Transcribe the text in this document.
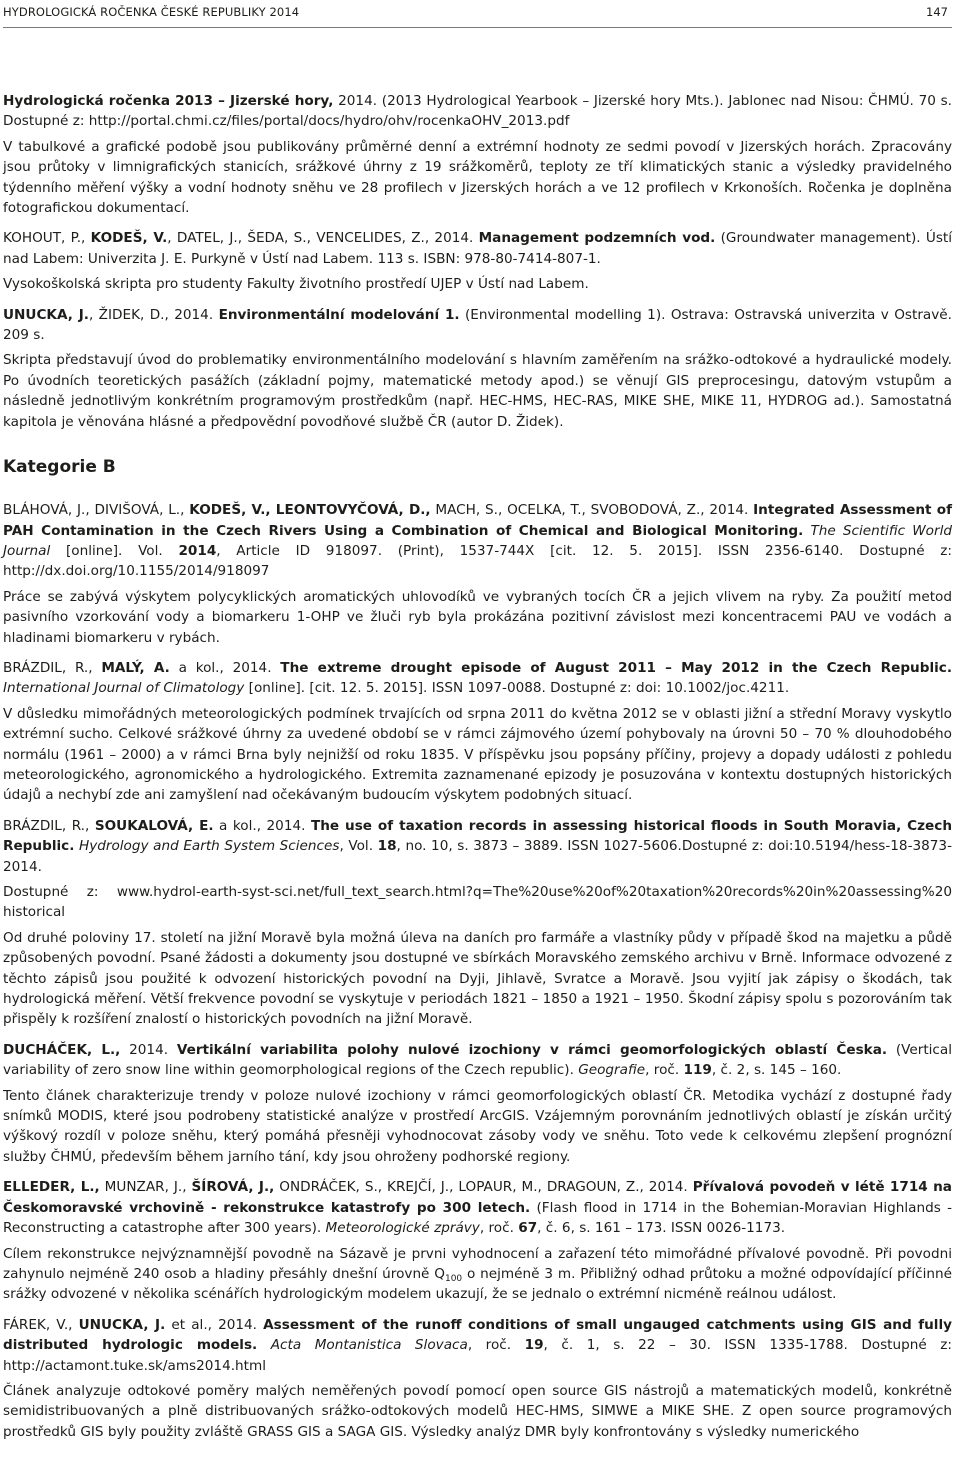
HYDROLOGICKÁ ROČENKA ČESKÉ REPUBLIKY 2014	147

Hydrologická ročenka 2013 – Jizerské hory, 2014. (2013 Hydrological Yearbook – Jizerské hory Mts.). Jablonec nad Nisou: ČHMÚ. 70 s. Dostupné z: http://portal.chmi.cz/files/portal/docs/hydro/ohv/rocenkaOHV_2013.pdf

V tabulkové a grafické podobě jsou publikovány průměrné denní a extrémní hodnoty ze sedmi povodí v Jizerských horách. Zpracovány jsou průtoky v limnigrafických stanicích, srážkové úhrny z 19 srážkoměrů, teploty ze tří klimatických stanic a výsledky pravidelného týdenního měření výšky a vodní hodnoty sněhu ve 28 profilech v Jizerských horách a ve 12 profilech v Krkonoších. Ročenka je doplněna fotografickou dokumentací.

KOHOUT, P., KODEŠ, V., DATEL, J., ŠEDA, S., VENCELIDES, Z., 2014. Management podzemních vod. (Groundwater management). Ústí nad Labem: Univerzita J. E. Purkyně v Ústí nad Labem. 113 s. ISBN: 978-80-7414-807-1.

Vysokoškolská skripta pro studenty Fakulty životního prostředí UJEP v Ústí nad Labem.

UNUCKA, J., ŽIDEK, D., 2014. Environmentální modelování 1. (Environmental modelling 1). Ostrava: Ostravská univerzita v Ostravě. 209 s.

Skripta představují úvod do problematiky environmentálního modelování s hlavním zaměřením na srážko-odtokové a hydraulické modely. Po úvodních teoretických pasážích (základní pojmy, matematické metody apod.) se věnují GIS preprocesingu, datovým vstupům a následně jednotlivým konkrétním programovým prostředkům (např. HEC-HMS, HEC-RAS, MIKE SHE, MIKE 11, HYDROG ad.). Samostatná kapitola je věnována hlásné a předpovědní povodňové službě ČR (autor D. Židek).

Kategorie B

BLÁHOVÁ, J., DIVIŠOVÁ, L., KODEŠ, V., LEONTOVYČOVÁ, D., MACH, S., OCELKA, T., SVOBODOVÁ, Z., 2014. Integrated Assessment of PAH Contamination in the Czech Rivers Using a Combination of Chemical and Biological Monitoring. The Scientific World Journal [online]. Vol. 2014, Article ID 918097. (Print), 1537-744X [cit. 12. 5. 2015]. ISSN 2356-6140. Dostupné z: http://dx.doi.org/10.1155/2014/918097

Práce se zabývá výskytem polycyklických aromatických uhlovodíků ve vybraných tocích ČR a jejich vlivem na ryby. Za použití metod pasivního vzorkování vody a biomarkeru 1-OHP ve žluči ryb byla prokázána pozitivní závislost mezi koncentracemi PAU ve vodách a hladinami biomarkeru v rybách.

BRÁZDIL, R., MALÝ, A. a kol., 2014. The extreme drought episode of August 2011 – May 2012 in the Czech Republic. International Journal of Climatology [online]. [cit. 12. 5. 2015]. ISSN 1097-0088. Dostupné z: doi: 10.1002/joc.4211.

V důsledku mimořádných meteorologických podmínek trvajících od srpna 2011 do května 2012 se v oblasti jižní a střední Moravy vyskytlo extrémní sucho. Celkové srážkové úhrny za uvedené období se v rámci zájmového území pohybovaly na úrovni 50 – 70 % dlouhodobého normálu (1961 – 2000) a v rámci Brna byly nejnižší od roku 1835. V příspěvku jsou popsány příčiny, projevy a dopady události z pohledu meteorologického, agronomického a hydrologického. Extremita zaznamenané epizody je posuzována v kontextu dostupných historických údajů a nechybí zde ani zamyšlení nad očekávaným budoucím výskytem podobných situací.

BRÁZDIL, R., SOUKALOVÁ, E. a kol., 2014. The use of taxation records in assessing historical floods in South Moravia, Czech Republic. Hydrology and Earth System Sciences, Vol. 18, no. 10, s. 3873 – 3889. ISSN 1027-5606.Dostupné z: doi:10.5194/hess-18-3873-2014.

Dostupné z: www.hydrol-earth-syst-sci.net/full_text_search.html?q=The%20use%20of%20taxation%20records%20in%20assessing%20 historical

Od druhé poloviny 17. století na jižní Moravě byla možná úleva na daních pro farmáře a vlastníky půdy v případě škod na majetku a půdě způsobených povodní. Psané žádosti a dokumenty jsou dostupné ve sbírkách Moravského zemského archivu v Brně. Informace odvozené z těchto zápisů jsou použité k odvození historických povodní na Dyji, Jihlavě, Svratce a Moravě. Jsou vyjití jak zápisy o škodách, tak hydrologická měření. Větší frekvence povodní se vyskytuje v periodách 1821 – 1850 a 1921 – 1950. Škodní zápisy spolu s pozorováním tak přispěly k rozšíření znalostí o historických povodních na jižní Moravě.

DUCHÁČEK, L., 2014. Vertikální variabilita polohy nulové izochiony v rámci geomorfologických oblastí Česka. (Vertical variability of zero snow line within geomorphological regions of the Czech republic). Geografie, roč. 119, č. 2, s. 145 – 160.

Tento článek charakterizuje trendy v poloze nulové izochiony v rámci geomorfologických oblastí ČR. Metodika vychází z dostupné řady snímků MODIS, které jsou podrobeny statistické analýze v prostředí ArcGIS. Vzájemným porovnáním jednotlivých oblastí je získán určitý výškový rozdíl v poloze sněhu, který pomáhá přesněji vyhodnocovat zásoby vody ve sněhu. Toto vede k celkovému zlepšení prognózní služby ČHMÚ, především během jarního tání, kdy jsou ohroženy podhorské regiony.

ELLEDER, L., MUNZAR, J., ŠÍROVÁ, J., ONDRÁČEK, S., KREJČÍ, J., LOPAUR, M., DRAGOUN, Z., 2014. Přívalová povodeň v létě 1714 na Českomoravské vrchovině - rekonstrukce katastrofy po 300 letech. (Flash flood in 1714 in the Bohemian-Moravian Highlands - Reconstructing a catastrophe after 300 years). Meteorologické zprávy, roč. 67, č. 6, s. 161 – 173. ISSN 0026-1173.

Cílem rekonstrukce nejvýznamnější povodně na Sázavě je prvni vyhodnocení a zařazení této mimořádné přívalové povodně. Při povodni zahynulo nejméně 240 osob a hladiny přesáhly dnešní úrovně $Q_{100}$ o nejméně 3 m. Přibližný odhad průtoku a možné odpovídající příčinné srážky odvozené v několika scénářích hydrologickým modelem ukazují, že se jednalo o extrémní nicméně reálnou událost.

FÁREK, V., UNUCKA, J. et al., 2014. Assessment of the runoff conditions of small ungauged catchments using GIS and fully distributed hydrologic models. Acta Montanistica Slovaca, roč. 19, č. 1, s. 22 – 30. ISSN 1335-1788. Dostupné z: http://actamont.tuke.sk/ams2014.html

Článek analyzuje odtokové poměry malých neměřených povodí pomocí open source GIS nástrojů a matematických modelů, konkrétně semidistribuovaných a plně distribuovaných srážko-odtokových modelů HEC-HMS, SIMWE a MIKE SHE. Z open source programových prostředků GIS byly použity zvláště GRASS GIS a SAGA GIS. Výsledky analýz DMR byly konfrontovány s výsledky numerického
